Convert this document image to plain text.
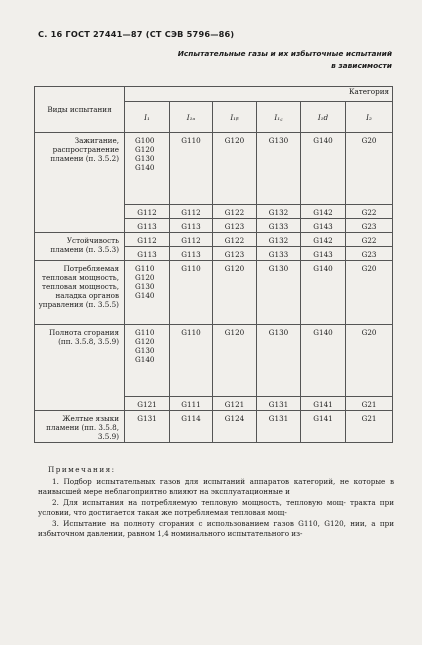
С. 16 ГОСТ 27441—87 (СТ СЭВ 5796—86)
Испытательные газы и их избыточные испытаний в зависимости
Виды испытания	Категория					
	I₁	I₁ₐ	I₁ᵦ	I₁꜀	I₁d	I₂
Зажигание, распространение пламени (п. 3.5.2)	G100
G120
G130
G140	G110	G120	G130	G140	G20
	G112	G112	G122	G132	G142	G22
	G113	G113	G123	G133	G143	G23
Устойчивость пламени (п. 3.5.3)	G112	G112	G122	G132	G142	G22
	G113	G113	G123	G133	G143	G23
Потребляемая тепловая мощность, тепловая мощность, наладка органов управления (п. 3.5.5)	G110
G120
G130
G140	G110	G120	G130	G140	G20
Полнота сгорания (пп. 3.5.8, 3.5.9)	G110
G120
G130
G140	G110	G120	G130	G140	G20
	G121	G111	G121	G131	G141	G21
Желтые языки пламени (пп. 3.5.8, 3.5.9)	G131	G114	G124	G131	G141	G21
Примечания:

1. Подбор испытательных газов для испытаний аппаратов категорий, не которые в наивысшей мере неблагоприятно влияют на эксплуатационные и

2. Для испытания на потребляемую тепловую мощность, тепловую мощ- тракта при условии, что достигается такая же потребляемая тепловая мощ-

3. Испытание на полноту сгорания с использованием газов G110, G120, нии, а при избыточном давлении, равном 1,4 номинального испытательного из-
